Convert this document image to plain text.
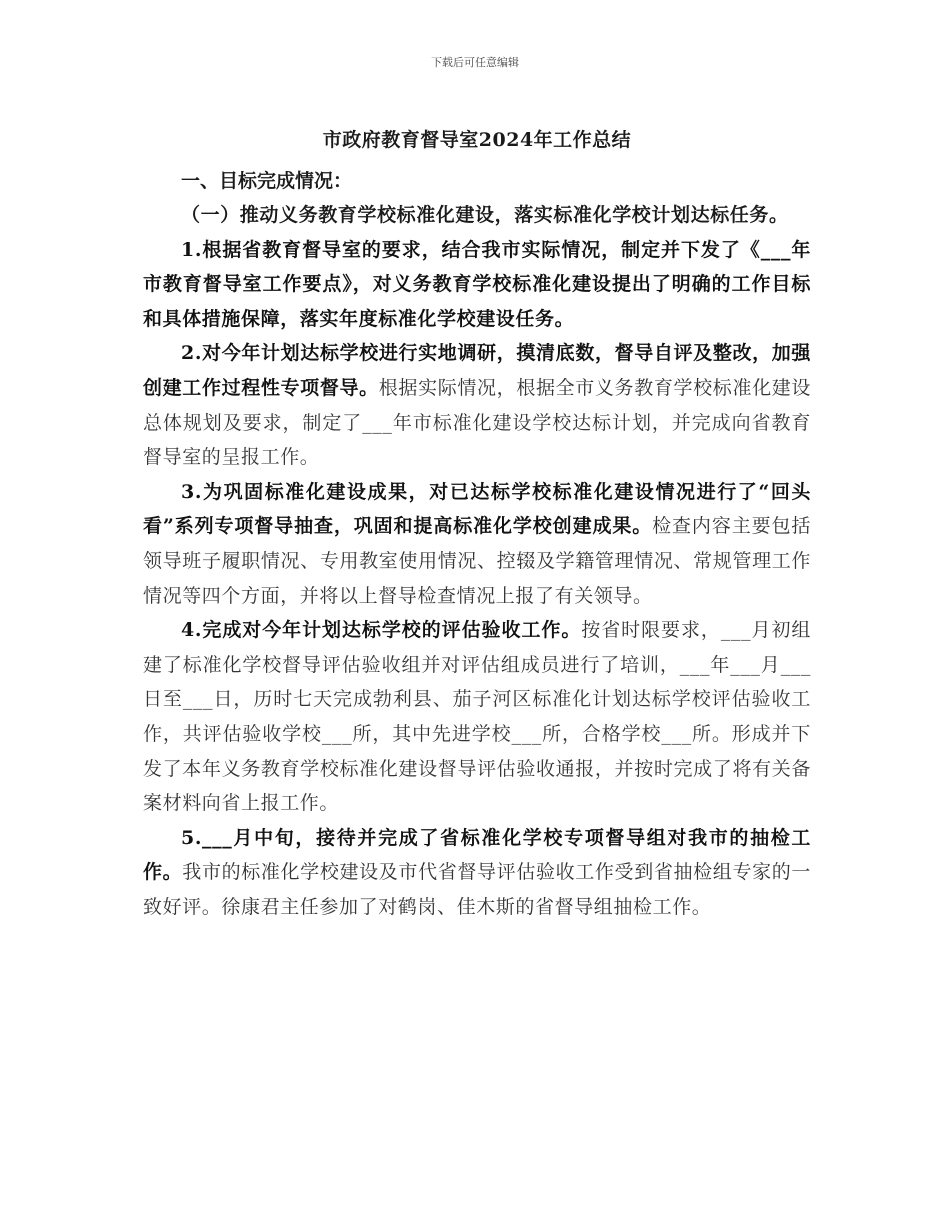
下载后可任意编辑
市政府教育督导室2024年工作总结
一、目标完成情况：

（一）推动义务教育学校标准化建设，落实标准化学校计划达标任务。

1.根据省教育督导室的要求，结合我市实际情况，制定并下发了《___年市教育督导室工作要点》，对义务教育学校标准化建设提出了明确的工作目标和具体措施保障，落实年度标准化学校建设任务。

2.对今年计划达标学校进行实地调研，摸清底数，督导自评及整改，加强创建工作过程性专项督导。根据实际情况，根据全市义务教育学校标准化建设总体规划及要求，制定了___年市标准化建设学校达标计划，并完成向省教育督导室的呈报工作。

3.为巩固标准化建设成果，对已达标学校标准化建设情况进行了“回头看”系列专项督导抽查，巩固和提高标准化学校创建成果。检查内容主要包括领导班子履职情况、专用教室使用情况、控辍及学籍管理情况、常规管理工作情况等四个方面，并将以上督导检查情况上报了有关领导。

4.完成对今年计划达标学校的评估验收工作。按省时限要求，___月初组建了标准化学校督导评估验收组并对评估组成员进行了培训，___年___月___日至___日，历时七天完成勃利县、茄子河区标准化计划达标学校评估验收工作，共评估验收学校___所，其中先进学校___所，合格学校___所。形成并下发了本年义务教育学校标准化建设督导评估验收通报，并按时完成了将有关备案材料向省上报工作。

5.___月中旬，接待并完成了省标准化学校专项督导组对我市的抽检工作。我市的标准化学校建设及市代省督导评估验收工作受到省抽检组专家的一致好评。徐康君主任参加了对鹤岗、佳木斯的省督导组抽检工作。
